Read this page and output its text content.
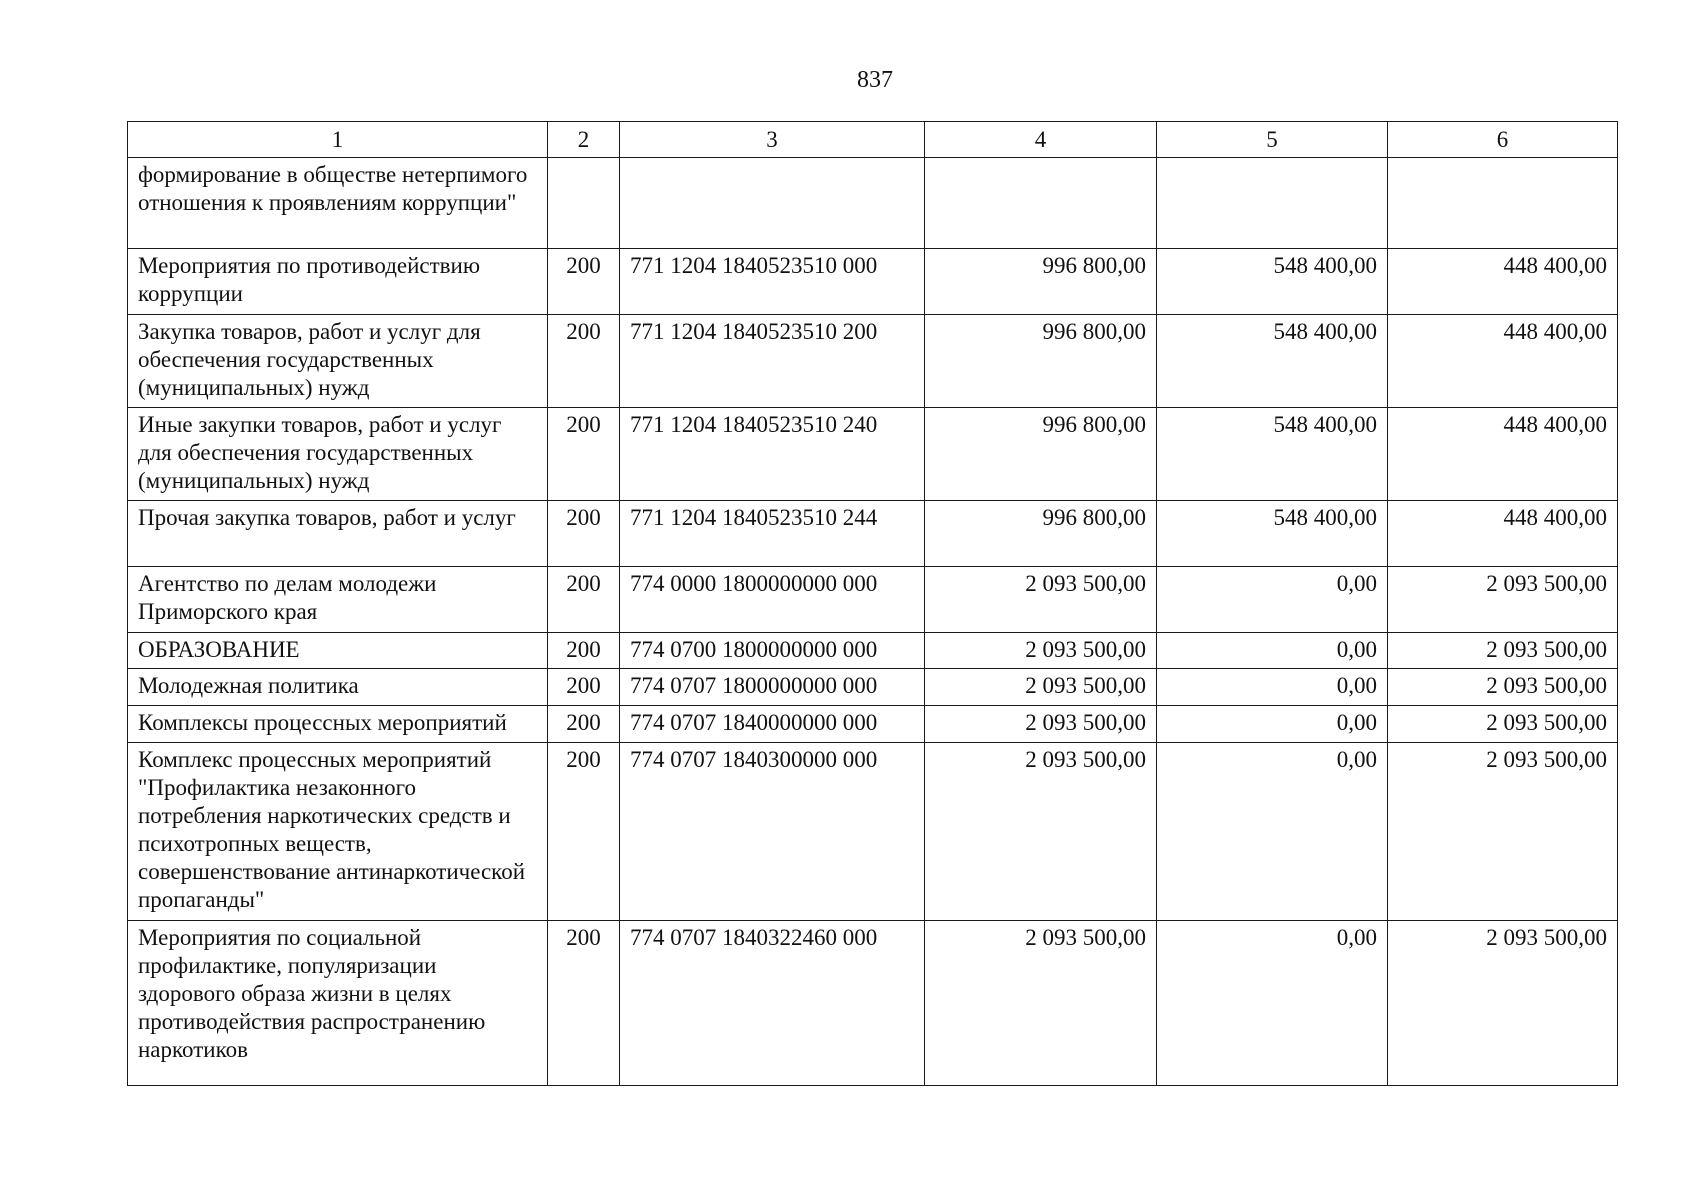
837
1	2	3	4	5	6
формирование в обществе нетерпимого отношения к проявлениям коррупции"					
Мероприятия по противодействию коррупции	200	771 1204 1840523510 000	996 800,00	548 400,00	448 400,00
Закупка товаров, работ и услуг для обеспечения государственных (муниципальных) нужд	200	771 1204 1840523510 200	996 800,00	548 400,00	448 400,00
Иные закупки товаров, работ и услуг для обеспечения государственных (муниципальных) нужд	200	771 1204 1840523510 240	996 800,00	548 400,00	448 400,00
Прочая закупка товаров, работ и услуг	200	771 1204 1840523510 244	996 800,00	548 400,00	448 400,00
Агентство по делам молодежи Приморского края	200	774 0000 1800000000 000	2 093 500,00	0,00	2 093 500,00
ОБРАЗОВАНИЕ	200	774 0700 1800000000 000	2 093 500,00	0,00	2 093 500,00
Молодежная политика	200	774 0707 1800000000 000	2 093 500,00	0,00	2 093 500,00
Комплексы процессных мероприятий	200	774 0707 1840000000 000	2 093 500,00	0,00	2 093 500,00
Комплекс процессных мероприятий "Профилактика незаконного потребления наркотических средств и психотропных веществ, совершенствование антинаркотической пропаганды"	200	774 0707 1840300000 000	2 093 500,00	0,00	2 093 500,00
Мероприятия по социальной профилактике, популяризации здорового образа жизни в целях противодействия распространению наркотиков	200	774 0707 1840322460 000	2 093 500,00	0,00	2 093 500,00
